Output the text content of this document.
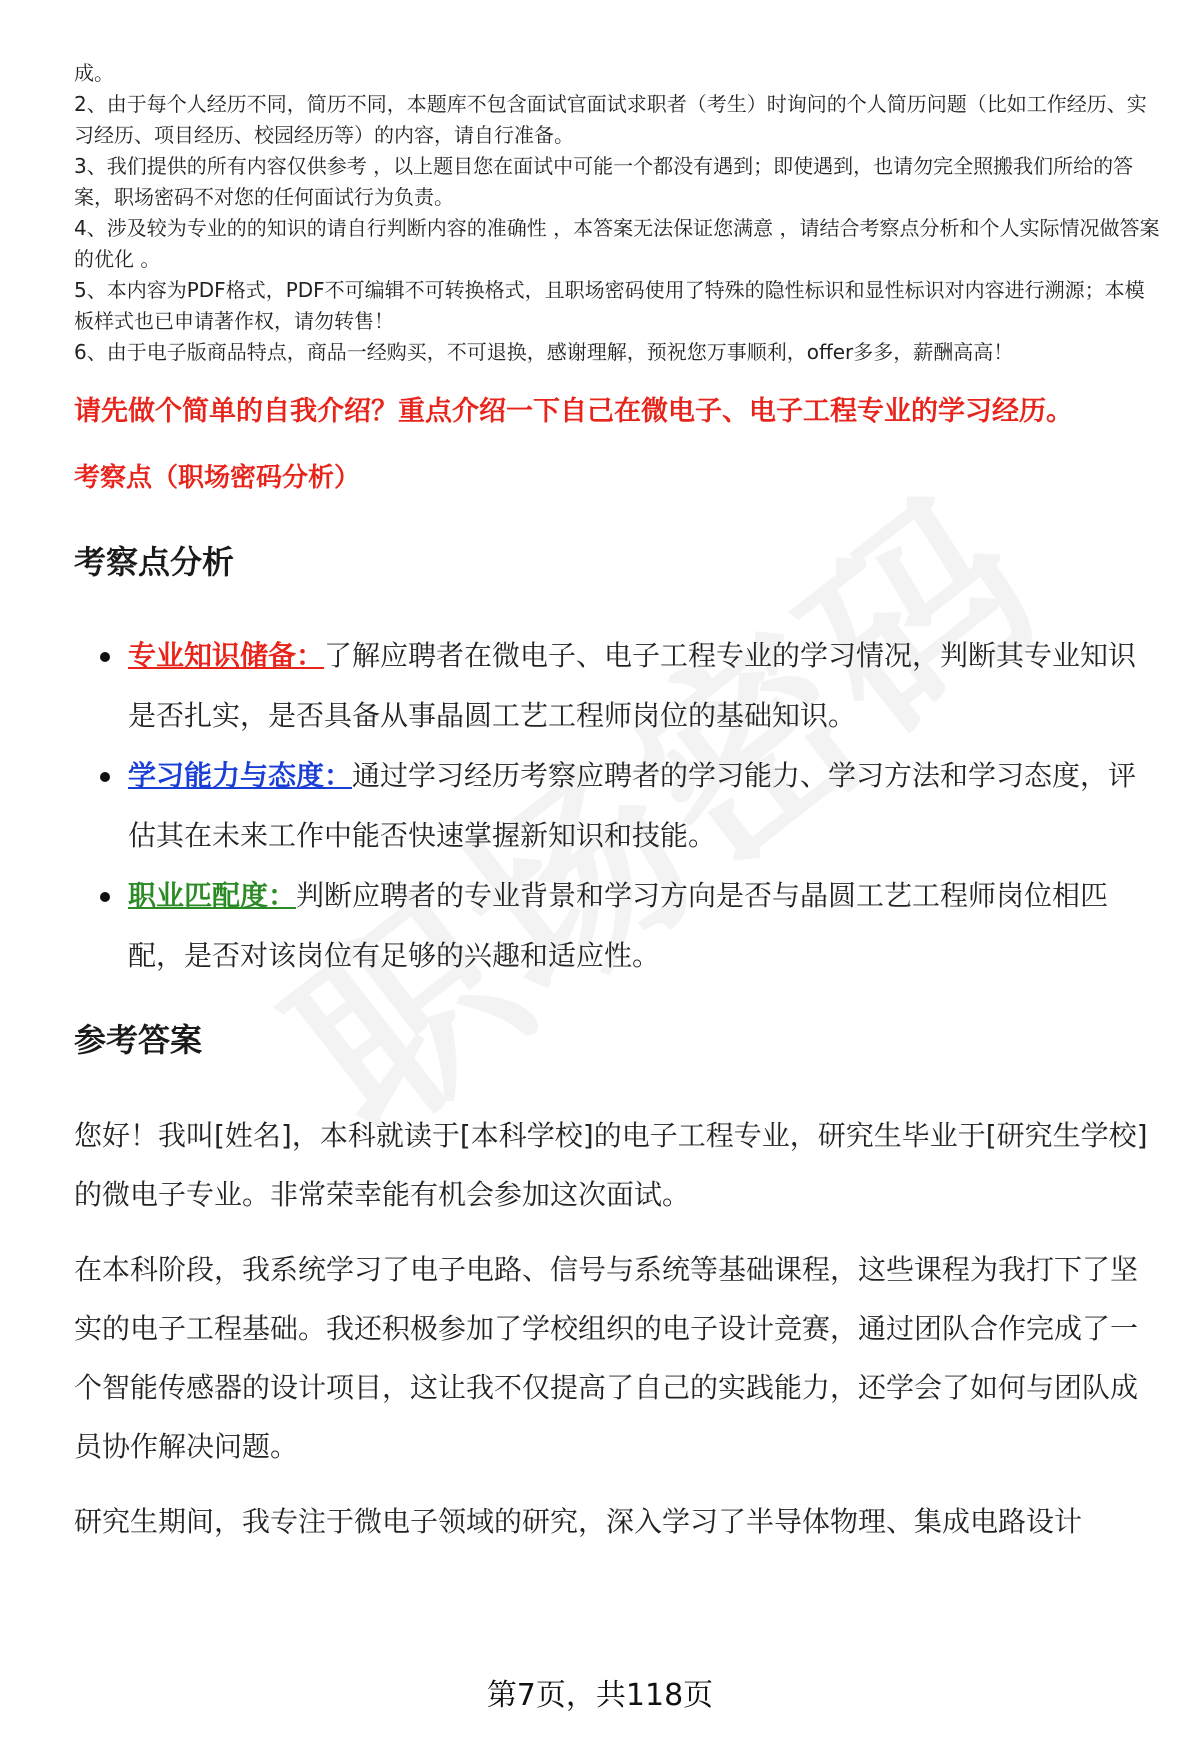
成。

2、由于每个人经历不同，简历不同，本题库不包含面试官面试求职者（考生）时询问的个人简历问题（比如工作经历、实习经历、项目经历、校园经历等）的内容，请自行准备。

3、我们提供的所有内容仅供参考 ，以上题目您在面试中可能一个都没有遇到；即使遇到，也请勿完全照搬我们所给的答案，职场密码不对您的任何面试行为负责。

4、涉及较为专业的的知识的请自行判断内容的准确性 ，本答案无法保证您满意 ，请结合考察点分析和个人实际情况做答案的优化 。

5、本内容为PDF格式，PDF不可编辑不可转换格式，且职场密码使用了特殊的隐性标识和显性标识对内容进行溯源；本模板样式也已申请著作权，请勿转售！

6、由于电子版商品特点，商品一经购买，不可退换，感谢理解，预祝您万事顺利，offer多多，薪酬高高！

请先做个简单的自我介绍？重点介绍一下自己在微电子、电子工程专业的学习经历。
考察点（职场密码分析）
考察点分析
专业知识储备：了解应聘者在微电子、电子工程专业的学习情况，判断其专业知识是否扎实，是否具备从事晶圆工艺工程师岗位的基础知识。
学习能力与态度：通过学习经历考察应聘者的学习能力、学习方法和学习态度，评估其在未来工作中能否快速掌握新知识和技能。
职业匹配度：判断应聘者的专业背景和学习方向是否与晶圆工艺工程师岗位相匹配，是否对该岗位有足够的兴趣和适应性。
参考答案

您好！我叫[姓名]，本科就读于[本科学校]的电子工程专业，研究生毕业于[研究生学校]的微电子专业。非常荣幸能有机会参加这次面试。

在本科阶段，我系统学习了电子电路、信号与系统等基础课程，这些课程为我打下了坚实的电子工程基础。我还积极参加了学校组织的电子设计竞赛，通过团队合作完成了一个智能传感器的设计项目，这让我不仅提高了自己的实践能力，还学会了如何与团队成员协作解决问题。

研究生期间，我专注于微电子领域的研究，深入学习了半导体物理、集成电路设计

第7页，共118页
